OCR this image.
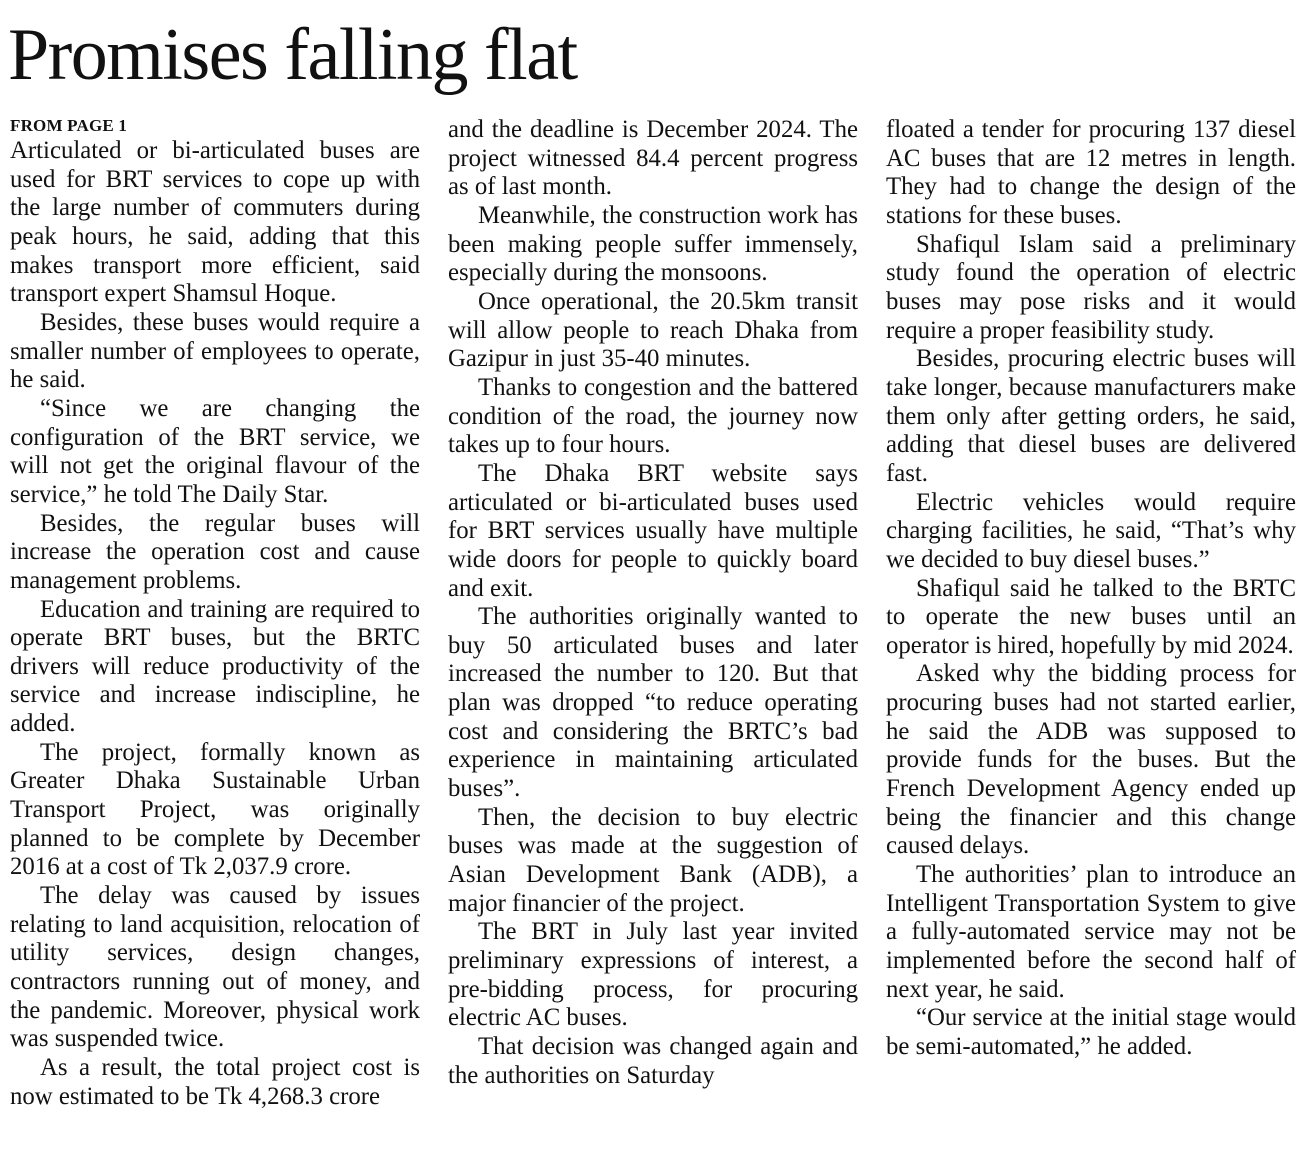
Promises falling flat
FROM PAGE 1

Articulated or bi-articulated buses are used for BRT services to cope up with the large number of commuters during peak hours, he said, adding that this makes transport more efficient, said transport expert Shamsul Hoque.

Besides, these buses would require a smaller number of employees to operate, he said.

“Since we are changing the configuration of the BRT service, we will not get the original flavour of the service,” he told The Daily Star.

Besides, the regular buses will increase the operation cost and cause management problems.

Education and training are required to operate BRT buses, but the BRTC drivers will reduce productivity of the service and increase indiscipline, he added.

The project, formally known as Greater Dhaka Sustainable Urban Transport Project, was originally planned to be complete by December 2016 at a cost of Tk 2,037.9 crore.

The delay was caused by issues relating to land acquisition, relocation of utility services, design changes, contractors running out of money, and the pandemic. Moreover, physical work was suspended twice.

As a result, the total project cost is now estimated to be Tk 4,268.3 crore

and the deadline is December 2024. The project witnessed 84.4 percent progress as of last month.

Meanwhile, the construction work has been making people suffer immensely, especially during the monsoons.

Once operational, the 20.5km transit will allow people to reach Dhaka from Gazipur in just 35-40 minutes.

Thanks to congestion and the battered condition of the road, the journey now takes up to four hours.

The Dhaka BRT website says articulated or bi-articulated buses used for BRT services usually have multiple wide doors for people to quickly board and exit.

The authorities originally wanted to buy 50 articulated buses and later increased the number to 120. But that plan was dropped “to reduce operating cost and considering the BRTC’s bad experience in maintaining articulated buses”.

Then, the decision to buy electric buses was made at the suggestion of Asian Development Bank (ADB), a major financier of the project.

The BRT in July last year invited preliminary expressions of interest, a pre-bidding process, for procuring electric AC buses.

That decision was changed again and the authorities on Saturday

floated a tender for procuring 137 diesel AC buses that are 12 metres in length. They had to change the design of the stations for these buses.

Shafiqul Islam said a preliminary study found the operation of electric buses may pose risks and it would require a proper feasibility study.

Besides, procuring electric buses will take longer, because manufacturers make them only after getting orders, he said, adding that diesel buses are delivered fast.

Electric vehicles would require charging facilities, he said, “That’s why we decided to buy diesel buses.”

Shafiqul said he talked to the BRTC to operate the new buses until an operator is hired, hopefully by mid 2024.

Asked why the bidding process for procuring buses had not started earlier, he said the ADB was supposed to provide funds for the buses. But the French Development Agency ended up being the financier and this change caused delays.

The authorities’ plan to introduce an Intelligent Transportation System to give a fully-automated service may not be implemented before the second half of next year, he said.

“Our service at the initial stage would be semi-automated,” he added.
